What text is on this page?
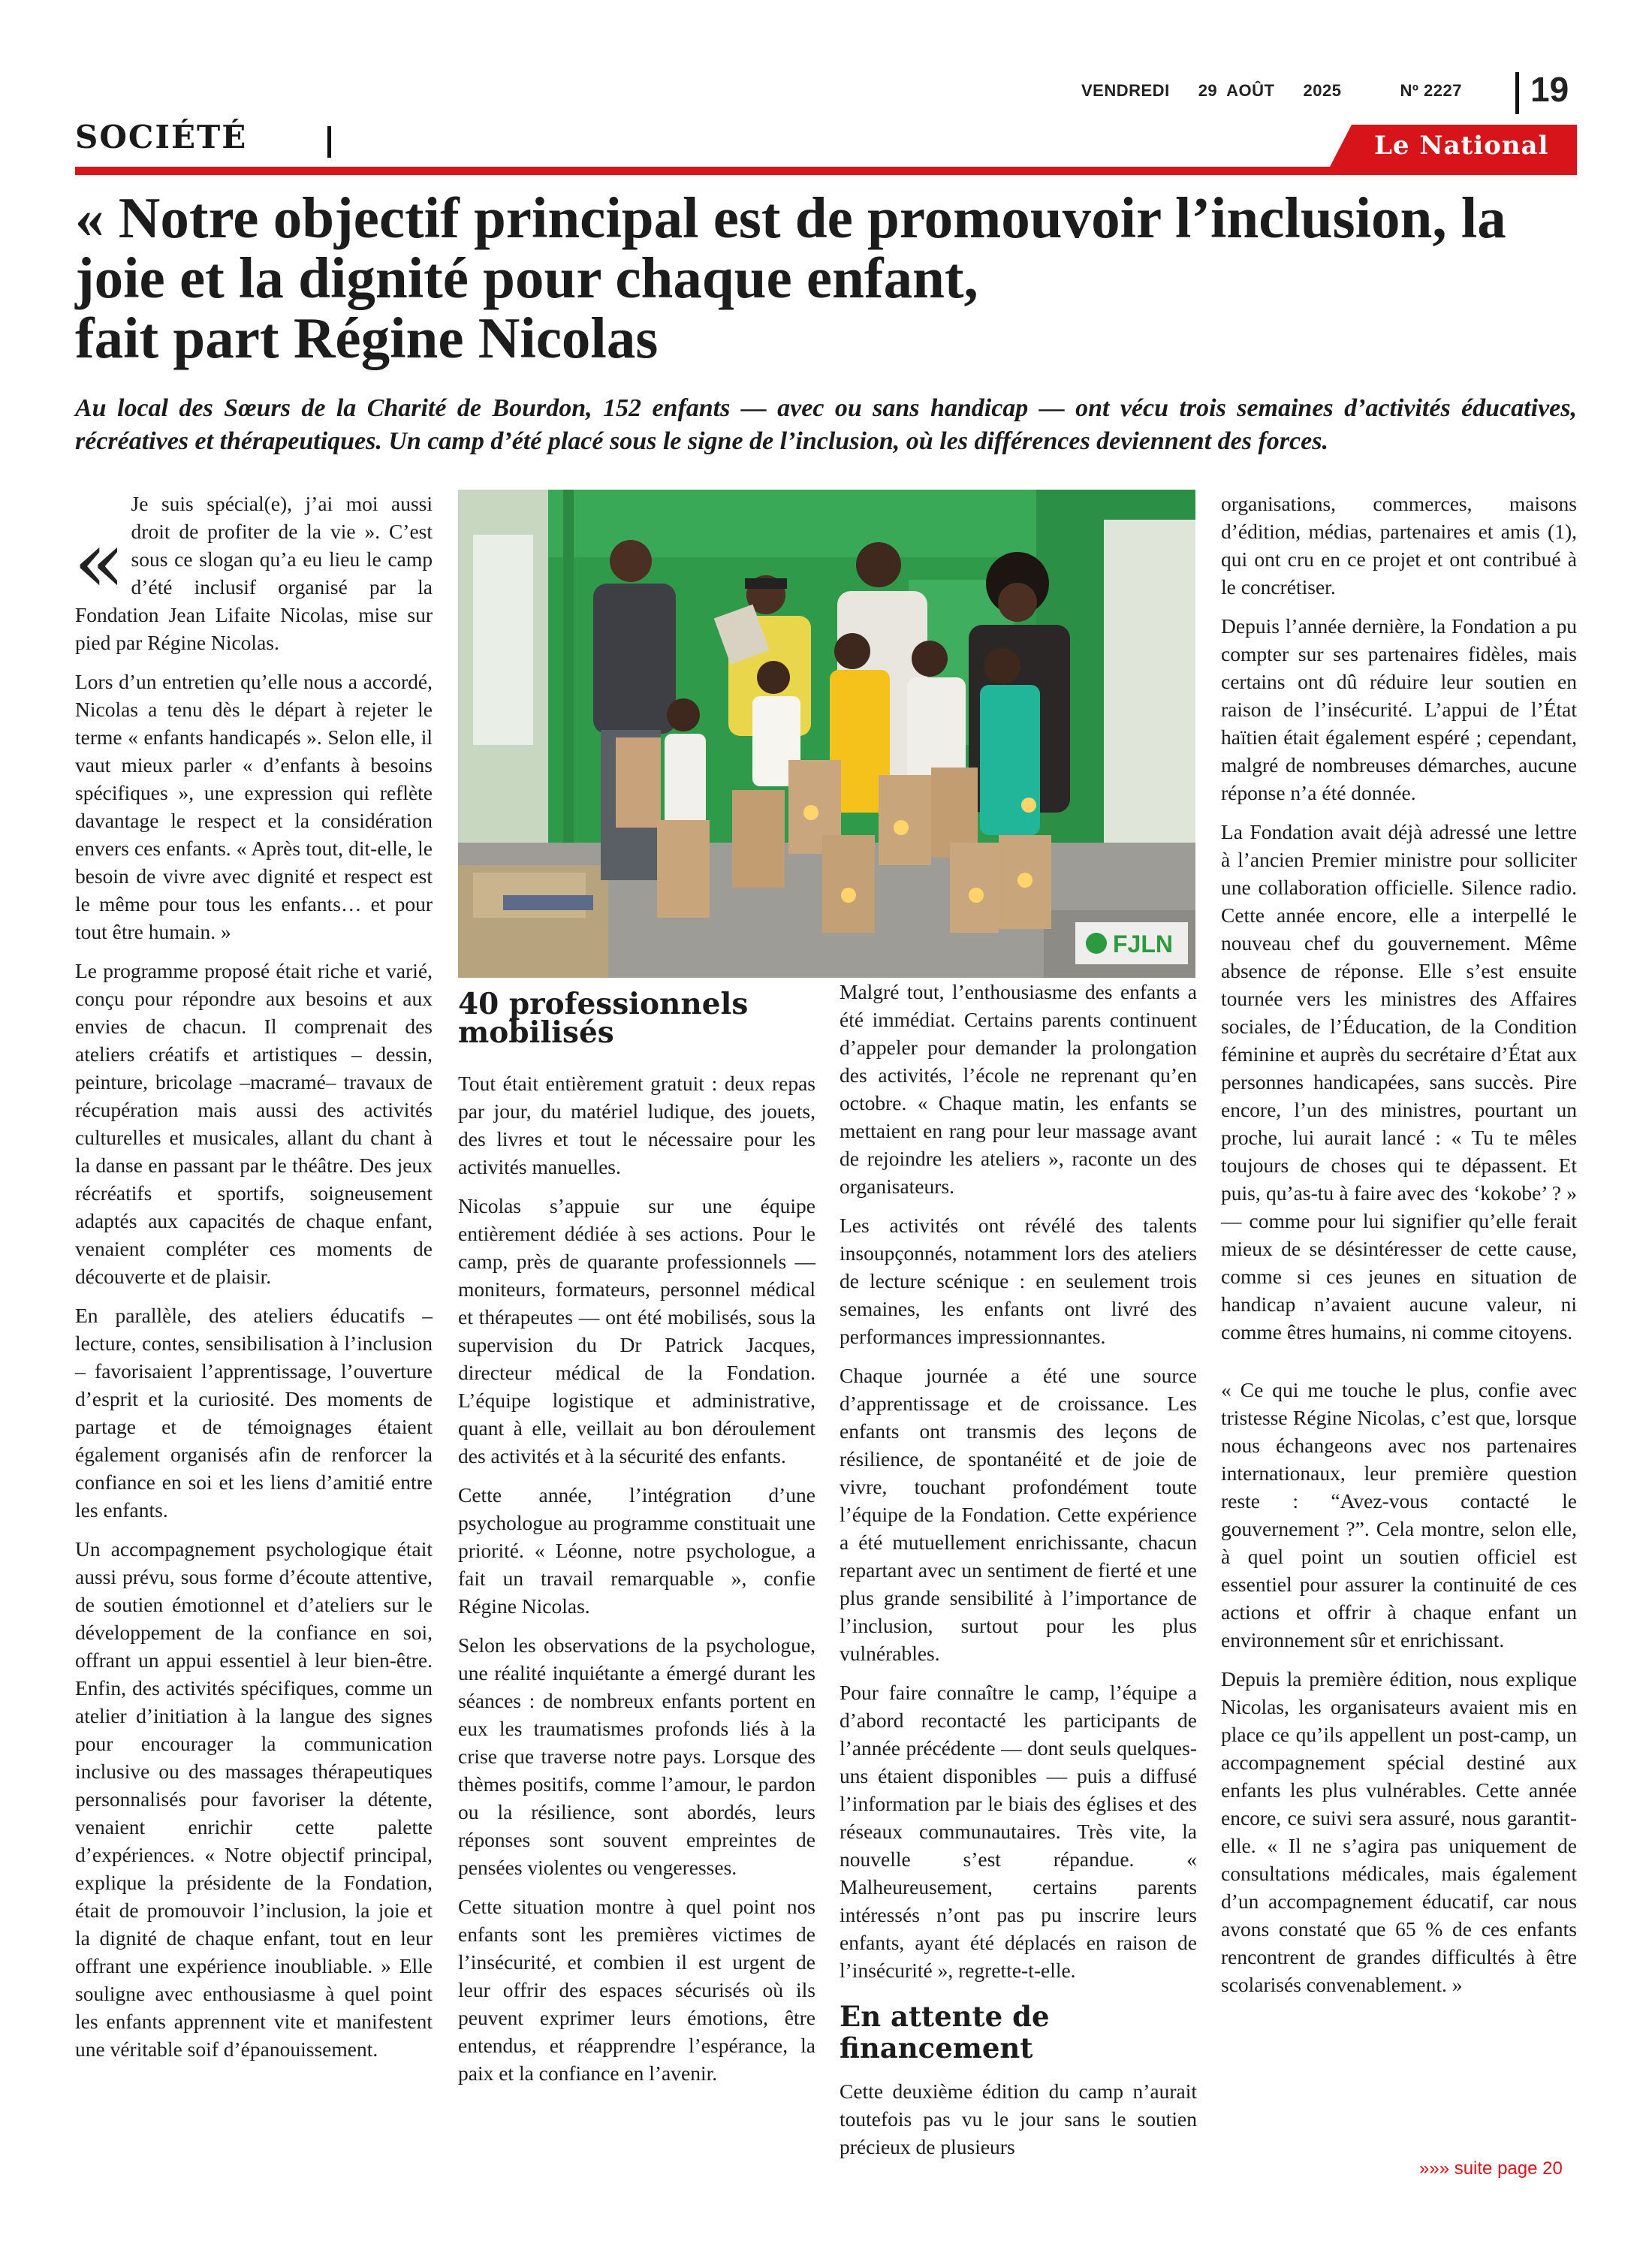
VENDREDI 29 AOÛT 2025	Nº 2227 19
SOCIÉTÉ	Le National
« Notre objectif principal est de promouvoir l’inclusion, la
joie et la dignité pour chaque enfant,
fait part Régine Nicolas
Au local des Sœurs de la Charité de Bourdon, 152 enfants — avec ou sans handicap — ont vécu trois semaines d’activités éducatives, récréatives et thérapeutiques. Un camp d’été placé sous le signe de l’inclusion, où les différences deviennent des forces.
«

Je suis spécial(e), j’ai moi aussi droit de profiter de la vie ». C’est sous ce slogan qu’a eu lieu le camp d’été inclusif organisé par la Fondation Jean Lifaite Nicolas, mise sur pied par Régine Nicolas.

Lors d’un entretien qu’elle nous a accordé, Nicolas a tenu dès le départ à rejeter le terme « enfants handicapés ». Selon elle, il vaut mieux parler « d’enfants à besoins spécifiques », une expression qui reflète davantage le respect et la considération envers ces enfants. « Après tout, dit-elle, le besoin de vivre avec dignité et respect est le même pour tous les enfants… et pour tout être humain. »

Le programme proposé était riche et varié, conçu pour répondre aux besoins et aux envies de chacun. Il comprenait des ateliers créatifs et artistiques – dessin, peinture, bricolage –macramé– travaux de récupération mais aussi des activités culturelles et musicales, allant du chant à la danse en passant par le théâtre. Des jeux récréatifs et sportifs, soigneusement adaptés aux capacités de chaque enfant, venaient compléter ces moments de découverte et de plaisir.

En parallèle, des ateliers éducatifs – lecture, contes, sensibilisation à l’inclusion – favorisaient l’apprentissage, l’ouverture d’esprit et la curiosité. Des moments de partage et de témoignages étaient également organisés afin de renforcer la confiance en soi et les liens d’amitié entre les enfants.

Un accompagnement psychologique était aussi prévu, sous forme d’écoute attentive, de soutien émotionnel et d’ateliers sur le développement de la confiance en soi, offrant un appui essentiel à leur bien-être. Enfin, des activités spécifiques, comme un atelier d’initiation à la langue des signes pour encourager la communication inclusive ou des massages thérapeutiques personnalisés pour favoriser la détente, venaient enrichir cette palette d’expériences. « Notre objectif principal, explique la présidente de la Fondation, était de promouvoir l’inclusion, la joie et la dignité de chaque enfant, tout en leur offrant une expérience inoubliable. » Elle souligne avec enthousiasme à quel point les enfants apprennent vite et manifestent une véritable soif d’épanouissement.

FJLN
40 professionnels mobilisés

Tout était entièrement gratuit : deux repas par jour, du matériel ludique, des jouets, des livres et tout le nécessaire pour les activités manuelles.

Nicolas s’appuie sur une équipe entièrement dédiée à ses actions. Pour le camp, près de quarante professionnels — moniteurs, formateurs, personnel médical et thérapeutes — ont été mobilisés, sous la supervision du Dr Patrick Jacques, directeur médical de la Fondation. L’équipe logistique et administrative, quant à elle, veillait au bon déroulement des activités et à la sécurité des enfants.

Cette année, l’intégration d’une psychologue au programme constituait une priorité. « Léonne, notre psychologue, a fait un travail remarquable », confie Régine Nicolas.

Selon les observations de la psychologue, une réalité inquiétante a émergé durant les séances : de nombreux enfants portent en eux les traumatismes profonds liés à la crise que traverse notre pays. Lorsque des thèmes positifs, comme l’amour, le pardon ou la résilience, sont abordés, leurs réponses sont souvent empreintes de pensées violentes ou vengeresses.

Cette situation montre à quel point nos enfants sont les premières victimes de l’insécurité, et combien il est urgent de leur offrir des espaces sécurisés où ils peuvent exprimer leurs émotions, être entendus, et réapprendre l’espérance, la paix et la confiance en l’avenir.

Malgré tout, l’enthousiasme des enfants a été immédiat. Certains parents continuent d’appeler pour demander la prolongation des activités, l’école ne reprenant qu’en octobre. « Chaque matin, les enfants se mettaient en rang pour leur massage avant de rejoindre les ateliers », raconte un des organisateurs.

Les activités ont révélé des talents insoupçonnés, notamment lors des ateliers de lecture scénique : en seulement trois semaines, les enfants ont livré des performances impressionnantes.

Chaque journée a été une source d’apprentissage et de croissance. Les enfants ont transmis des leçons de résilience, de spontanéité et de joie de vivre, touchant profondément toute l’équipe de la Fondation. Cette expérience a été mutuellement enrichissante, chacun repartant avec un sentiment de fierté et une plus grande sensibilité à l’importance de l’inclusion, surtout pour les plus vulnérables.

Pour faire connaître le camp, l’équipe a d’abord recontacté les participants de l’année précédente — dont seuls quelques-uns étaient disponibles — puis a diffusé l’information par le biais des églises et des réseaux communautaires. Très vite, la nouvelle s’est répandue. « Malheureusement, certains parents intéressés n’ont pas pu inscrire leurs enfants, ayant été déplacés en raison de l’insécurité », regrette-t-elle.

En attente de financement

Cette deuxième édition du camp n’aurait toutefois pas vu le jour sans le soutien précieux de plusieurs

organisations, commerces, maisons d’édition, médias, partenaires et amis (1), qui ont cru en ce projet et ont contribué à le concrétiser.

Depuis l’année dernière, la Fondation a pu compter sur ses partenaires fidèles, mais certains ont dû réduire leur soutien en raison de l’insécurité. L’appui de l’État haïtien était également espéré ; cependant, malgré de nombreuses démarches, aucune réponse n’a été donnée.

La Fondation avait déjà adressé une lettre à l’ancien Premier ministre pour solliciter une collaboration officielle. Silence radio. Cette année encore, elle a interpellé le nouveau chef du gouvernement. Même absence de réponse. Elle s’est ensuite tournée vers les ministres des Affaires sociales, de l’Éducation, de la Condition féminine et auprès du secrétaire d’État aux personnes handicapées, sans succès. Pire encore, l’un des ministres, pourtant un proche, lui aurait lancé : « Tu te mêles toujours de choses qui te dépassent. Et puis, qu’as-tu à faire avec des ‘kokobe’ ? » — comme pour lui signifier qu’elle ferait mieux de se désintéresser de cette cause, comme si ces jeunes en situation de handicap n’avaient aucune valeur, ni comme êtres humains, ni comme citoyens.

« Ce qui me touche le plus, confie avec tristesse Régine Nicolas, c’est que, lorsque nous échangeons avec nos partenaires internationaux, leur première question reste : “Avez-vous contacté le gouvernement ?”. Cela montre, selon elle, à quel point un soutien officiel est essentiel pour assurer la continuité de ces actions et offrir à chaque enfant un environnement sûr et enrichissant.

Depuis la première édition, nous explique Nicolas, les organisateurs avaient mis en place ce qu’ils appellent un post-camp, un accompagnement spécial destiné aux enfants les plus vulnérables. Cette année encore, ce suivi sera assuré, nous garantit-elle. « Il ne s’agira pas uniquement de consultations médicales, mais également d’un accompagnement éducatif, car nous avons constaté que 65 % de ces enfants rencontrent de grandes difficultés à être scolarisés convenablement. »

»»» suite page 20
